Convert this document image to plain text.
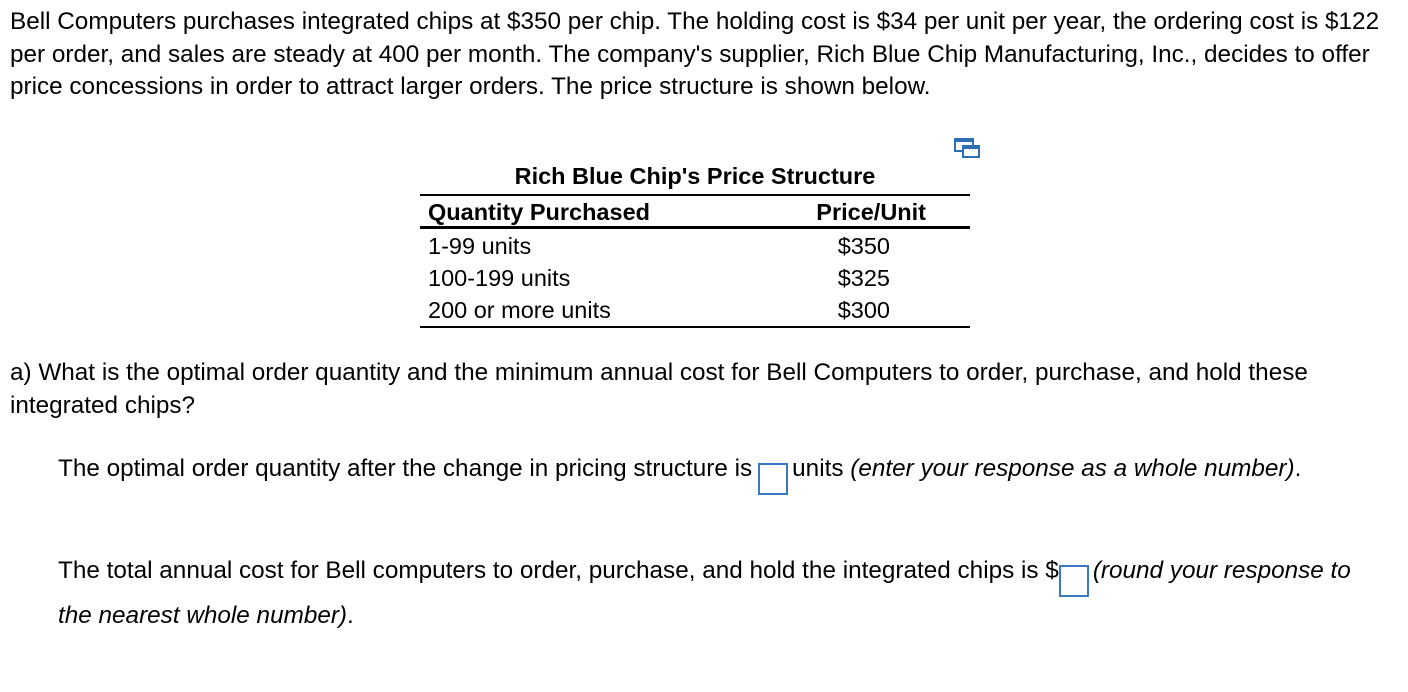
Bell Computers purchases integrated chips at $350 per chip. The holding cost is $34 per unit per year, the ordering cost is $122 per order, and sales are steady at 400 per month. The company's supplier, Rich Blue Chip Manufacturing, Inc., decides to offer price concessions in order to attract larger orders. The price structure is shown below.

Rich Blue Chip's Price Structure
Quantity Purchased	Price/Unit
1-99 units	$350
100-199 units	$325
200 or more units	$300

a) What is the optimal order quantity and the minimum annual cost for Bell Computers to order, purchase, and hold these integrated chips?

The optimal order quantity after the change in pricing structure is units (enter your response as a whole number).

The total annual cost for Bell computers to order, purchase, and hold the integrated chips is $ (round your response to the nearest whole number).
